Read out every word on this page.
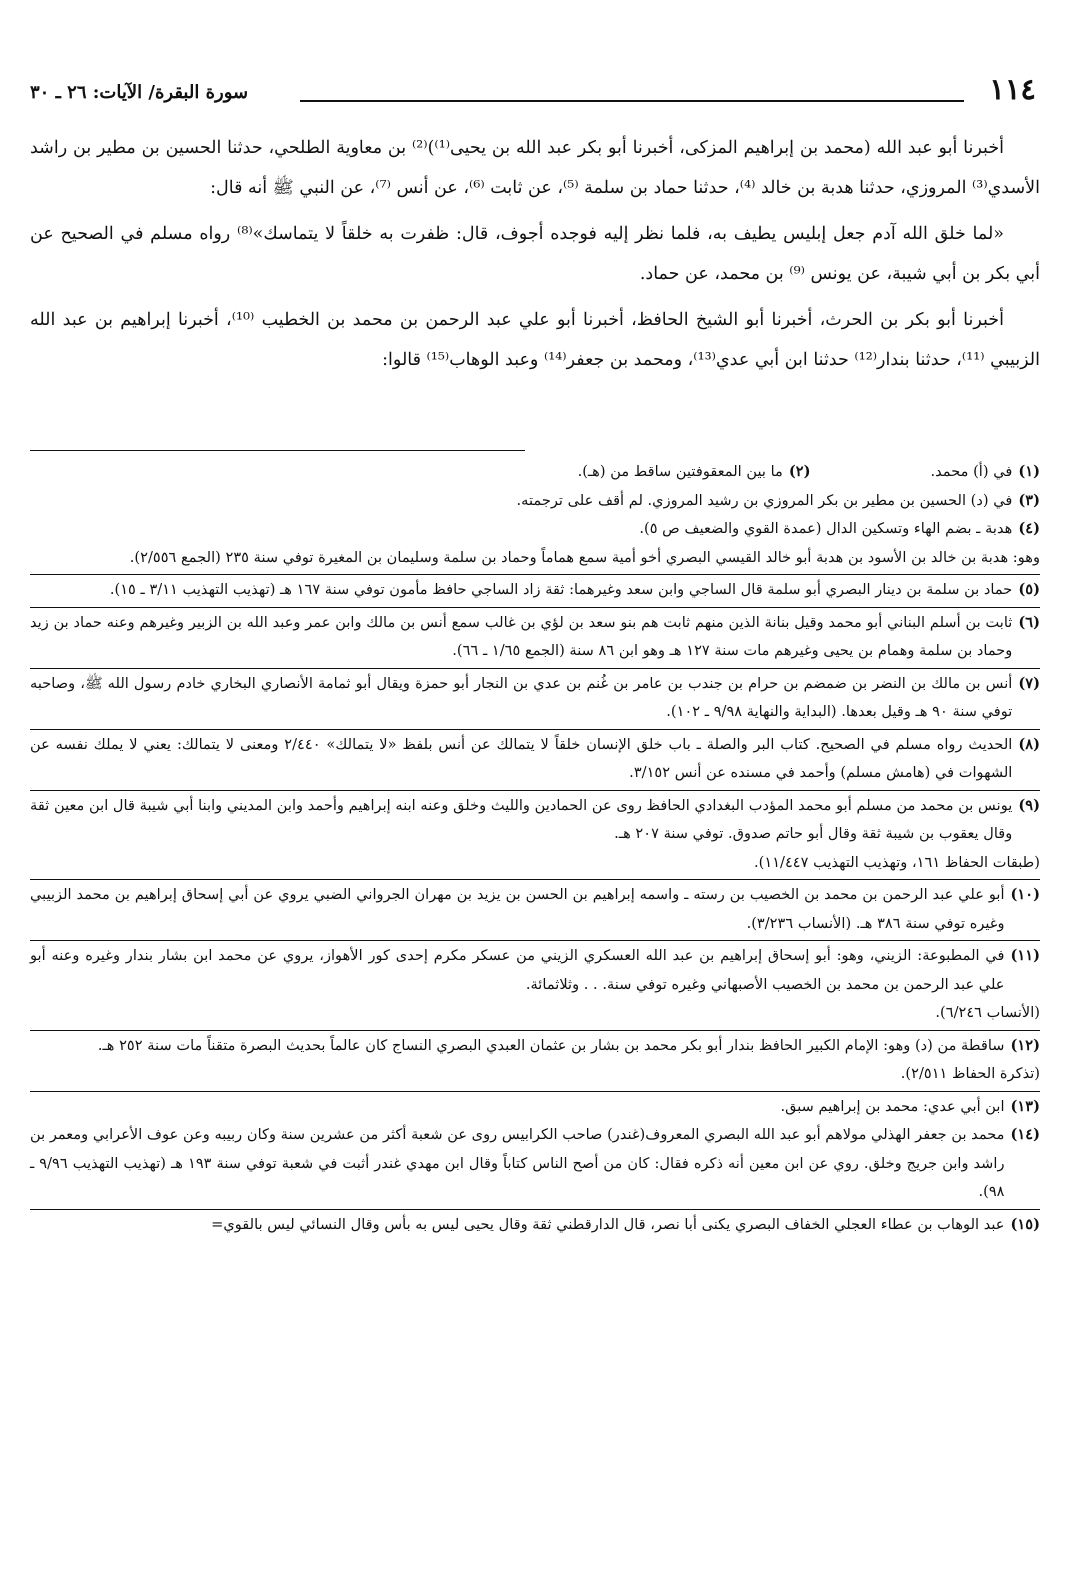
١١٤
سورة البقرة/ الآيات: ٢٦ ـ ٣٠

أخبرنا أبو عبد الله (محمد بن إبراهيم المزكى، أخبرنا أبو بكر عبد الله بن يحيى⁽¹⁾)⁽²⁾ بن معاوية الطلحي، حدثنا الحسين بن مطير بن راشد الأسدي⁽³⁾ المروزي، حدثنا هدبة بن خالد ⁽⁴⁾، حدثنا حماد بن سلمة ⁽⁵⁾، عن ثابت ⁽⁶⁾، عن أنس ⁽⁷⁾، عن النبي ﷺ أنه قال:

«لما خلق الله آدم جعل إبليس يطيف به، فلما نظر إليه فوجده أجوف، قال: ظفرت به خلقاً لا يتماسك»⁽⁸⁾ رواه مسلم في الصحيح عن أبي بكر بن أبي شيبة، عن يونس ⁽⁹⁾ بن محمد، عن حماد.

أخبرنا أبو بكر بن الحرث، أخبرنا أبو الشيخ الحافظ، أخبرنا أبو علي عبد الرحمن بن محمد بن الخطيب ⁽¹⁰⁾، أخبرنا إبراهيم بن عبد الله الزبيبي ⁽¹¹⁾، حدثنا بندار⁽¹²⁾ حدثنا ابن أبي عدي⁽¹³⁾، ومحمد بن جعفر⁽¹⁴⁾ وعبد الوهاب⁽¹⁵⁾ قالوا:

(١)
في (أ) محمد.
(٢)
ما بين المعقوفتين ساقط من (هـ).
(٣)
في (د) الحسين بن مطير بن بكر المروزي بن رشيد المروزي. لم أقف على ترجمته.
(٤)
هدبة ـ بضم الهاء وتسكين الدال (عمدة القوي والضعيف ص ٥).
وهو: هدبة بن خالد بن الأسود بن هدبة أبو خالد القيسي البصري أخو أمية سمع هماماً وحماد بن سلمة وسليمان بن المغيرة توفي سنة ٢٣٥ (الجمع ٢/٥٥٦).
(٥)
حماد بن سلمة بن دينار البصري أبو سلمة قال الساجي وابن سعد وغيرهما: ثقة زاد الساجي حافظ مأمون توفي سنة ١٦٧ هـ (تهذيب التهذيب ٣/١١ ـ ١٥).
(٦)
ثابت بن أسلم البناني أبو محمد وقيل بنانة الذين منهم ثابت هم بنو سعد بن لؤي بن غالب سمع أنس بن مالك وابن عمر وعبد الله بن الزبير وغيرهم وعنه حماد بن زيد وحماد بن سلمة وهمام بن يحيى وغيرهم مات سنة ١٢٧ هـ وهو ابن ٨٦ سنة (الجمع ١/٦٥ ـ ٦٦).
(٧)
أنس بن مالك بن النضر بن ضمضم بن حرام بن جندب بن عامر بن غُنم بن عدي بن النجار أبو حمزة ويقال أبو ثمامة الأنصاري البخاري خادم رسول الله ﷺ، وصاحبه توفي سنة ٩٠ هـ وقيل بعدها. (البداية والنهاية ٩/٩٨ ـ ١٠٢).
(٨)
الحديث رواه مسلم في الصحيح. كتاب البر والصلة ـ باب خلق الإنسان خلقاً لا يتمالك عن أنس بلفظ «لا يتمالك» ٢/٤٤٠ ومعنى لا يتمالك: يعني لا يملك نفسه عن الشهوات في (هامش مسلم) وأحمد في مسنده عن أنس ٣/١٥٢.
(٩)
يونس بن محمد من مسلم أبو محمد المؤدب البغدادي الحافظ روى عن الحمادين والليث وخلق وعنه ابنه إبراهيم وأحمد وابن المديني وابنا أبي شيبة قال ابن معين ثقة وقال يعقوب بن شيبة ثقة وقال أبو حاتم صدوق. توفي سنة ٢٠٧ هـ.
(طبقات الحفاظ ١٦١، وتهذيب التهذيب ١١/٤٤٧).
(١٠)
أبو علي عبد الرحمن بن محمد بن الخصيب بن رسته ـ واسمه إبراهيم بن الحسن بن يزيد بن مهران الجرواني الضبي يروي عن أبي إسحاق إبراهيم بن محمد الزبيبي وغيره توفي سنة ٣٨٦ هـ. (الأنساب ٣/٢٣٦).
(١١)
في المطبوعة: الزيني، وهو: أبو إسحاق إبراهيم بن عبد الله العسكري الزيني من عسكر مكرم إحدى كور الأهواز، يروي عن محمد ابن بشار بندار وغيره وعنه أبو علي عبد الرحمن بن محمد بن الخصيب الأصبهاني وغيره توفي سنة. . . وثلاثمائة.
(الأنساب ٦/٢٤٦).
(١٢)
ساقطة من (د) وهو: الإمام الكبير الحافظ بندار أبو بكر محمد بن بشار بن عثمان العبدي البصري النساج كان عالماً بحديث البصرة متقناً مات سنة ٢٥٢ هـ.
(تذكرة الحفاظ ٢/٥١١).
(١٣)
ابن أبي عدي: محمد بن إبراهيم سبق.
(١٤)
محمد بن جعفر الهذلي مولاهم أبو عبد الله البصري المعروف(غندر) صاحب الكرابيس روى عن شعبة أكثر من عشرين سنة وكان ربيبه وعن عوف الأعرابي ومعمر بن راشد وابن جريج وخلق. روي عن ابن معين أنه ذكره فقال: كان من أصح الناس كتاباً وقال ابن مهدي غندر أثبت في شعبة توفي سنة ١٩٣ هـ (تهذيب التهذيب ٩/٩٦ ـ ٩٨).
(١٥)
عبد الوهاب بن عطاء العجلي الخفاف البصري يكنى أبا نصر، قال الدارقطني ثقة وقال يحيى ليس به بأس وقال النسائي ليس بالقوي=
